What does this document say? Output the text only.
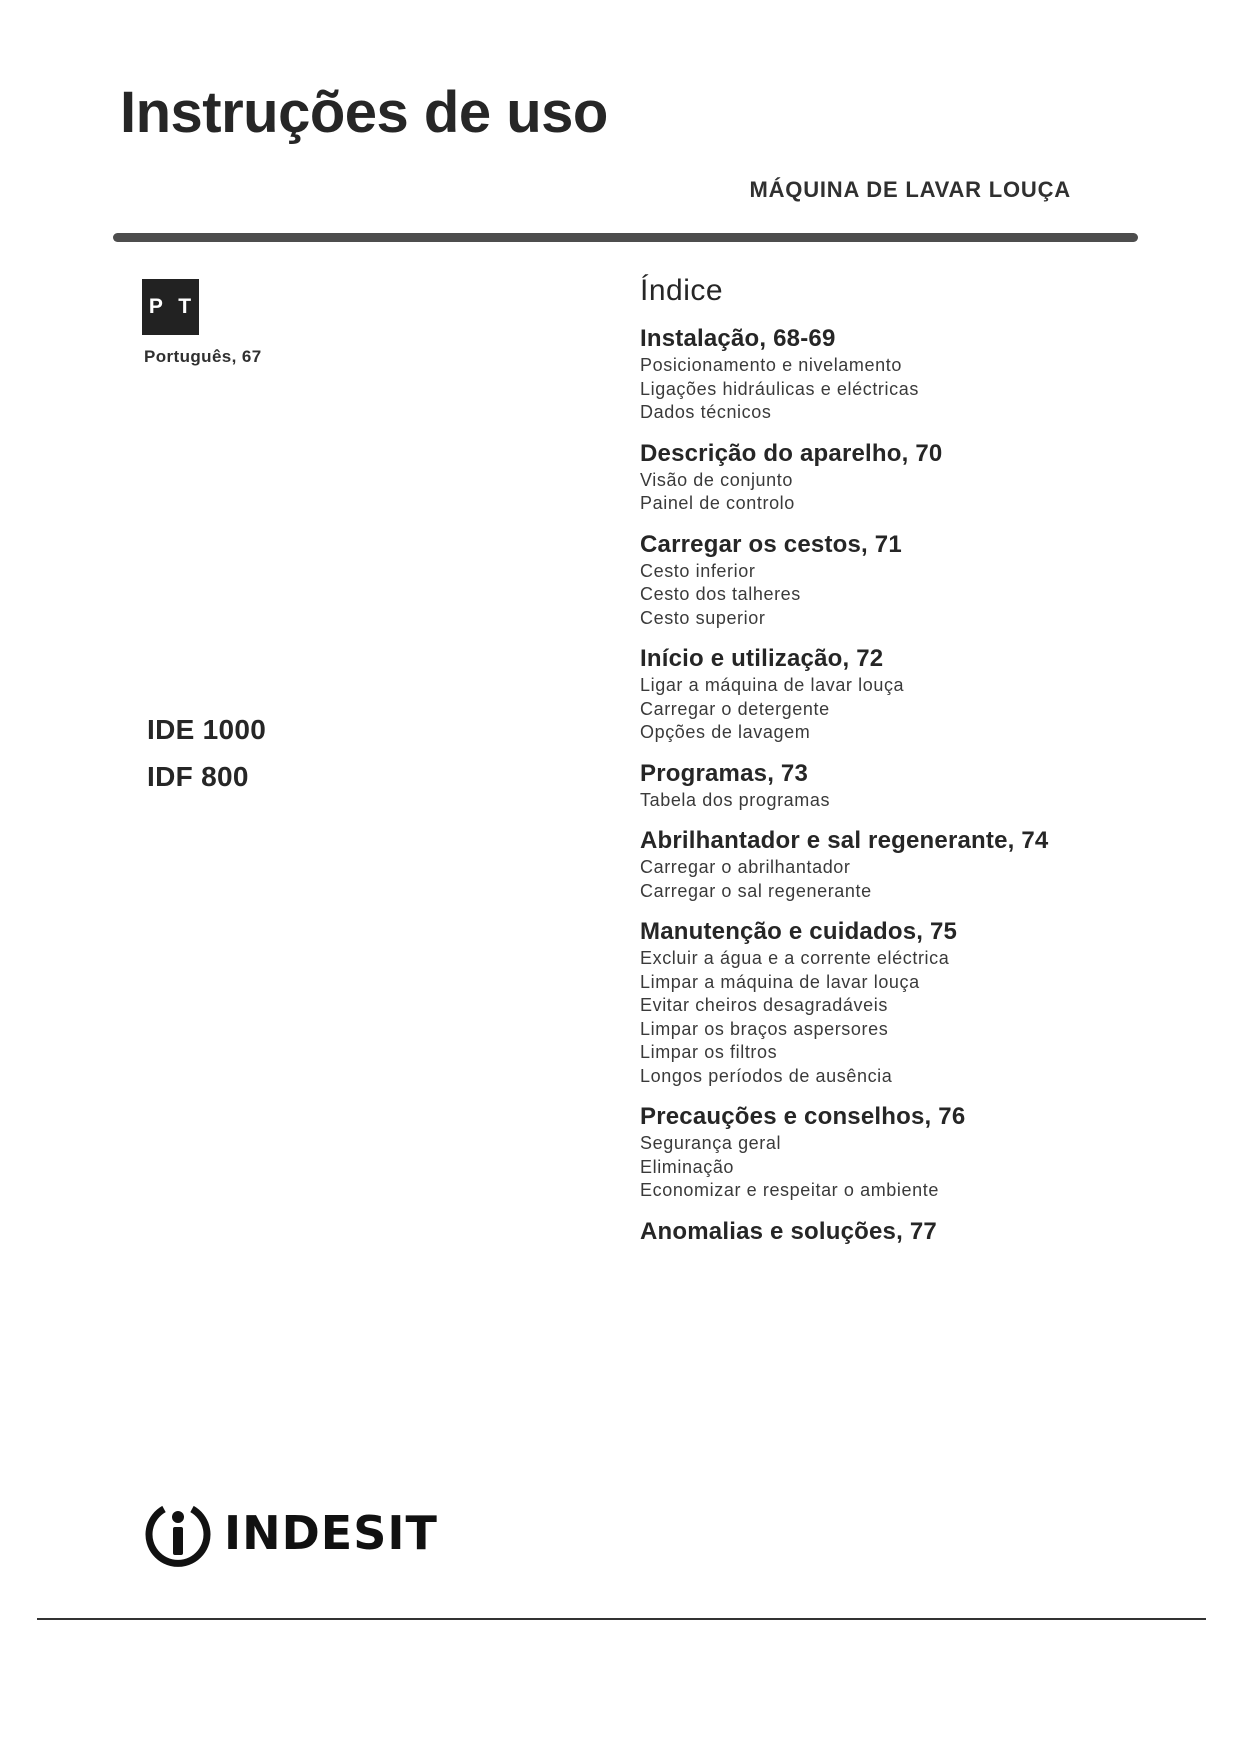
Instruções de uso
MÁQUINA DE LAVAR LOUÇA
P T
Português, 67
IDE 1000
IDF 800
Índice
Instalação, 68-69
Posicionamento e nivelamento
Ligações hidráulicas e eléctricas
Dados técnicos
Descrição do aparelho, 70
Visão de conjunto
Painel de controlo
Carregar os cestos, 71
Cesto inferior
Cesto dos talheres
Cesto superior
Início e utilização, 72
Ligar a máquina de lavar louça
Carregar o detergente
Opções de lavagem
Programas, 73
Tabela dos programas
Abrilhantador e sal regenerante, 74
Carregar o abrilhantador
Carregar o sal regenerante
Manutenção e cuidados, 75
Excluir a água e a corrente eléctrica
Limpar a máquina de lavar louça
Evitar cheiros desagradáveis
Limpar os braços aspersores
Limpar os filtros
Longos períodos de ausência
Precauções e conselhos, 76
Segurança geral
Eliminação
Economizar e respeitar o ambiente
Anomalias e soluções, 77
INDESIT
